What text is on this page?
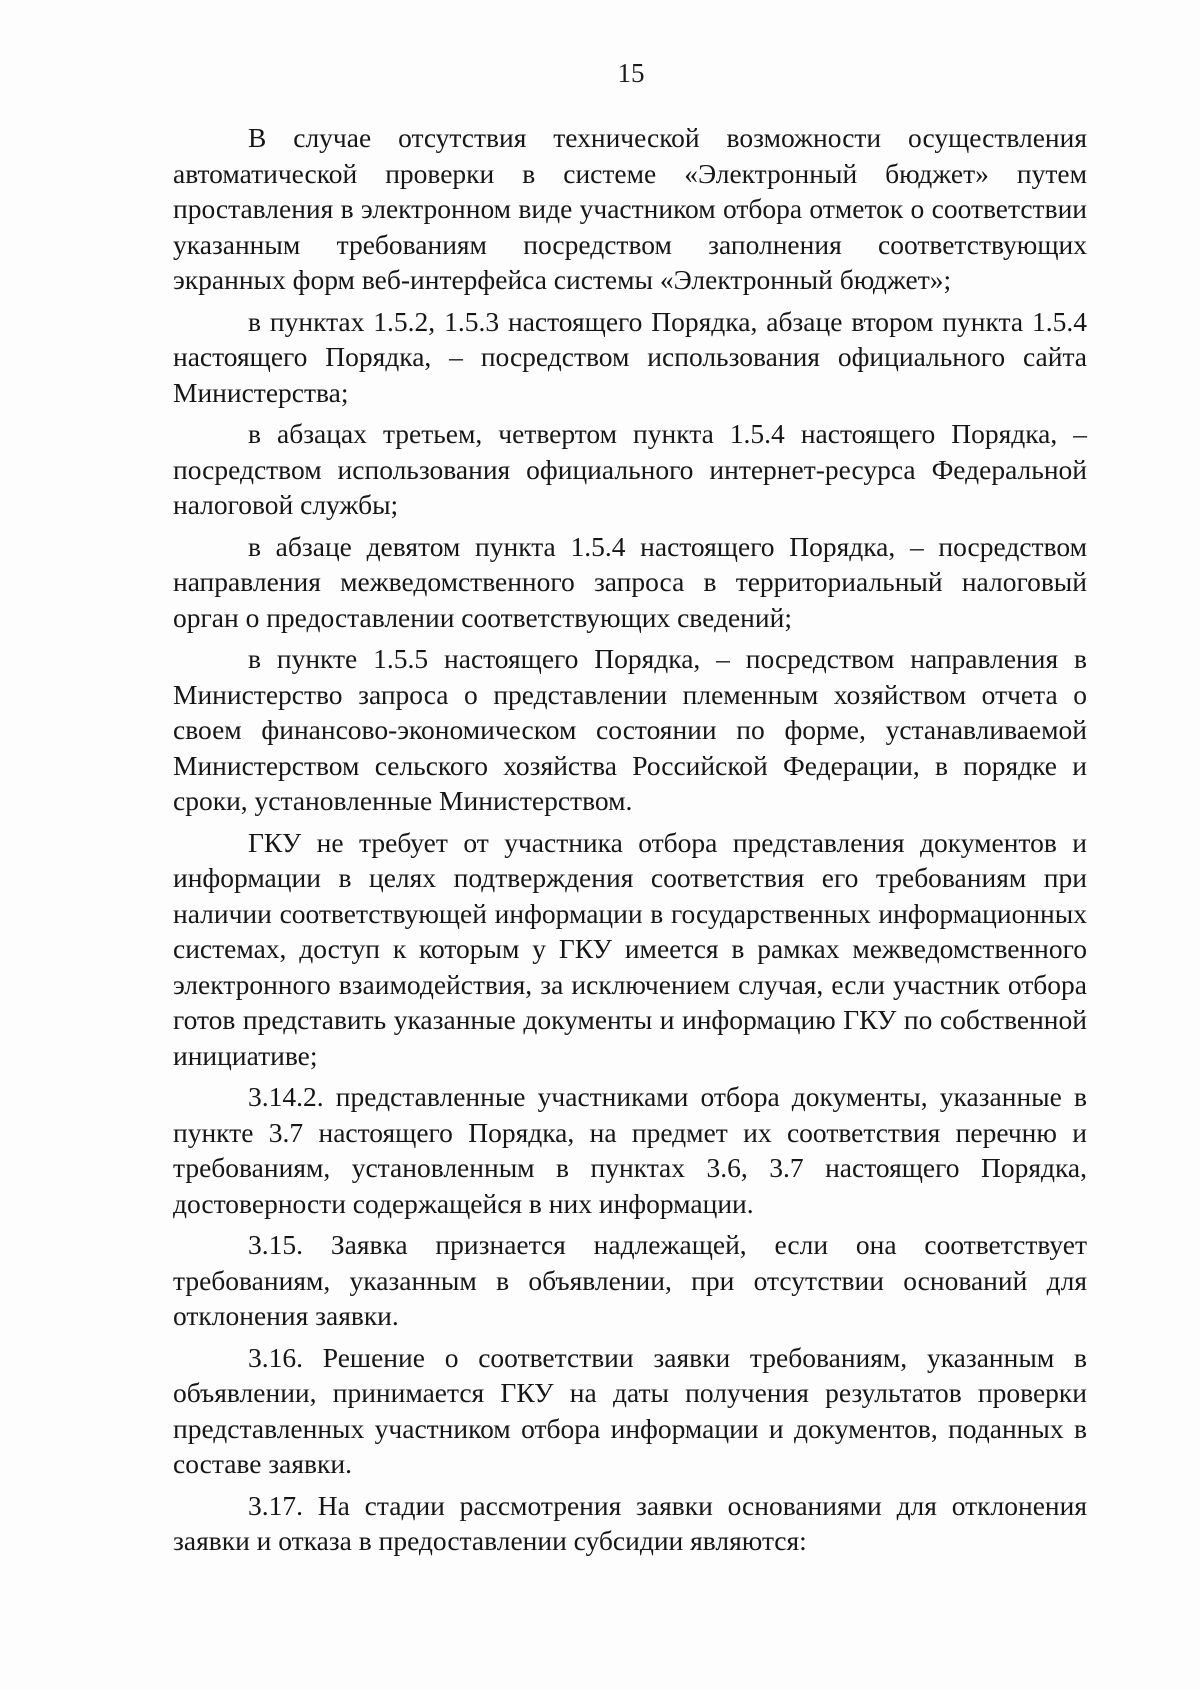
15

В случае отсутствия технической возможности осуществления автоматической проверки в системе «Электронный бюджет» путем проставления в электронном виде участником отбора отметок о соответствии указанным требованиям посредством заполнения соответствующих экранных форм веб-интерфейса системы «Электронный бюджет»;

в пунктах 1.5.2, 1.5.3 настоящего Порядка, абзаце втором пункта 1.5.4 настоящего Порядка, – посредством использования официального сайта Министерства;

в абзацах третьем, четвертом пункта 1.5.4 настоящего Порядка, – посредством использования официального интернет-ресурса Федеральной налоговой службы;

в абзаце девятом пункта 1.5.4 настоящего Порядка, – посредством направления межведомственного запроса в территориальный налоговый орган о предоставлении соответствующих сведений;

в пункте 1.5.5 настоящего Порядка, – посредством направления в Министерство запроса о представлении племенным хозяйством отчета о своем финансово-экономическом состоянии по форме, устанавливаемой Министерством сельского хозяйства Российской Федерации, в порядке и сроки, установленные Министерством.

ГКУ не требует от участника отбора представления документов и информации в целях подтверждения соответствия его требованиям при наличии соответствующей информации в государственных информационных системах, доступ к которым у ГКУ имеется в рамках межведомственного электронного взаимодействия, за исключением случая, если участник отбора готов представить указанные документы и информацию ГКУ по собственной инициативе;

3.14.2. представленные участниками отбора документы, указанные в пункте 3.7 настоящего Порядка, на предмет их соответствия перечню и требованиям, установленным в пунктах 3.6, 3.7 настоящего Порядка, достоверности содержащейся в них информации.

3.15. Заявка признается надлежащей, если она соответствует требованиям, указанным в объявлении, при отсутствии оснований для отклонения заявки.

3.16. Решение о соответствии заявки требованиям, указанным в объявлении, принимается ГКУ на даты получения результатов проверки представленных участником отбора информации и документов, поданных в составе заявки.

3.17. На стадии рассмотрения заявки основаниями для отклонения заявки и отказа в предоставлении субсидии являются:
